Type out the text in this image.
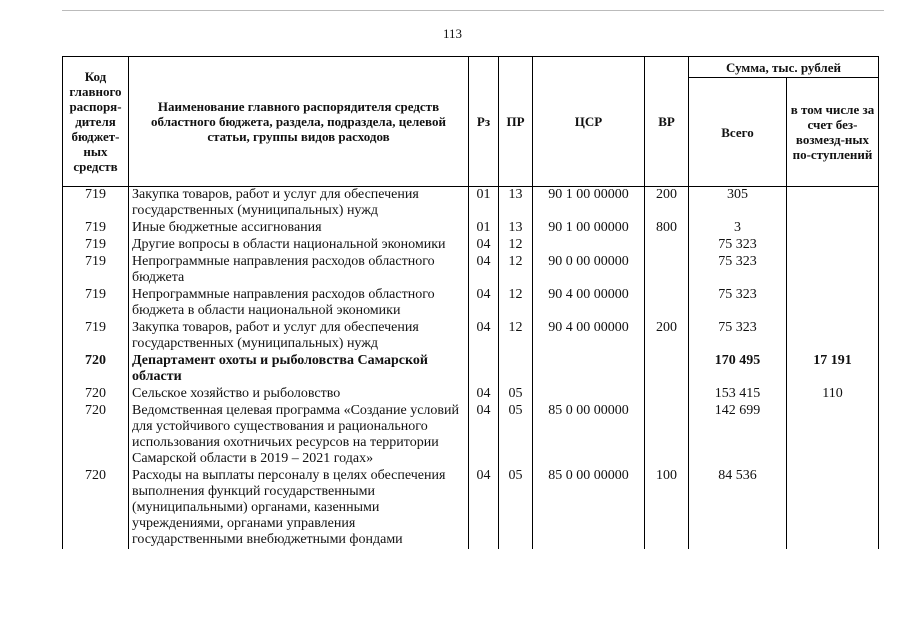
113
Код главного распоря-дителя бюджет-ных средств	Наименование главного распорядителя средств областного бюджета, раздела, подраздела, целевой статьи, группы видов расходов	Рз	ПР	ЦСР	ВР	Сумма, тыс. рублей	
						Всего	в том числе за счет без-возмезд-ных по-ступлений
719	Закупка товаров, работ и услуг для обеспечения государственных (муниципальных) нужд	01	13	90 1 00 00000	200	305	
719	Иные бюджетные ассигнования	01	13	90 1 00 00000	800	3	
719	Другие вопросы в области национальной экономики	04	12			75 323	
719	Непрограммные направления расходов областного бюджета	04	12	90 0 00 00000		75 323	
719	Непрограммные направления расходов областного бюджета в области национальной экономики	04	12	90 4 00 00000		75 323	
719	Закупка товаров, работ и услуг для обеспечения государственных (муниципальных) нужд	04	12	90 4 00 00000	200	75 323	
720	Департамент охоты и рыболовства Самарской области					170 495	17 191
720	Сельское хозяйство и рыболовство	04	05			153 415	110
720	Ведомственная целевая программа «Создание условий для устойчивого существования и рационального использования охотничьих ресурсов на территории Самарской области в 2019 – 2021 годах»	04	05	85 0 00 00000		142 699	
720	Расходы на выплаты персоналу в целях обеспечения выполнения функций государственными (муниципальными) органами, казенными учреждениями, органами управления государственными внебюджетными фондами	04	05	85 0 00 00000	100	84 536	
